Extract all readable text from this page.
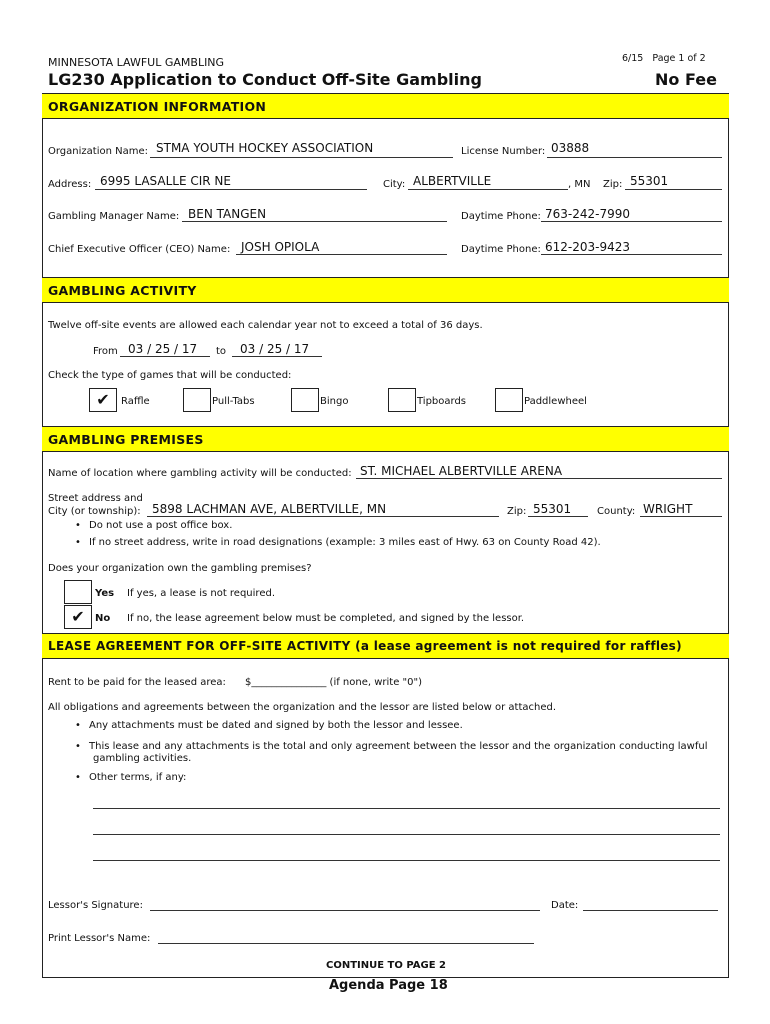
MINNESOTA LAWFUL GAMBLING	6/15 Page 1 of 2
LG230 Application to Conduct Off-Site Gambling	No Fee
ORGANIZATION INFORMATION
Organization Name: STMA YOUTH HOCKEY ASSOCIATION	License Number: 03888
Address: 6995 LASALLE CIR NE	City: ALBERTVILLE	, MN Zip: 55301
Gambling Manager Name: BEN TANGEN	Daytime Phone: 763-242-7990
Chief Executive Officer (CEO) Name: JOSH OPIOLA	Daytime Phone: 612-203-9423
GAMBLING ACTIVITY
Twelve off-site events are allowed each calendar year not to exceed a total of 36 days.
From 03 / 25 / 17 to 03 / 25 / 17
Check the type of games that will be conducted:
✔	Raffle	Pull-Tabs	Bingo	Tipboards	Paddlewheel
GAMBLING PREMISES
Name of location where gambling activity will be conducted: ST. MICHAEL ALBERTVILLE ARENA
Street address and
City (or township): 5898 LACHMAN AVE, ALBERTVILLE, MN	Zip: 55301	County: WRIGHT
• Do not use a post office box.
• If no street address, write in road designations (example: 3 miles east of Hwy. 63 on County Road 42).
Does your organization own the gambling premises?
Yes If yes, a lease is not required.
✔	No If no, the lease agreement below must be completed, and signed by the lessor.
LEASE AGREEMENT FOR OFF-SITE ACTIVITY (a lease agreement is not required for raffles)
Rent to be paid for the leased area: $_______________ (if none, write "0")
All obligations and agreements between the organization and the lessor are listed below or attached.
• Any attachments must be dated and signed by both the lessor and lessee.
• This lease and any attachments is the total and only agreement between the lessor and the organization conducting lawful
gambling activities.
• Other terms, if any:
Lessor's Signature:	Date:
Print Lessor's Name:
CONTINUE TO PAGE 2
Agenda Page 18
